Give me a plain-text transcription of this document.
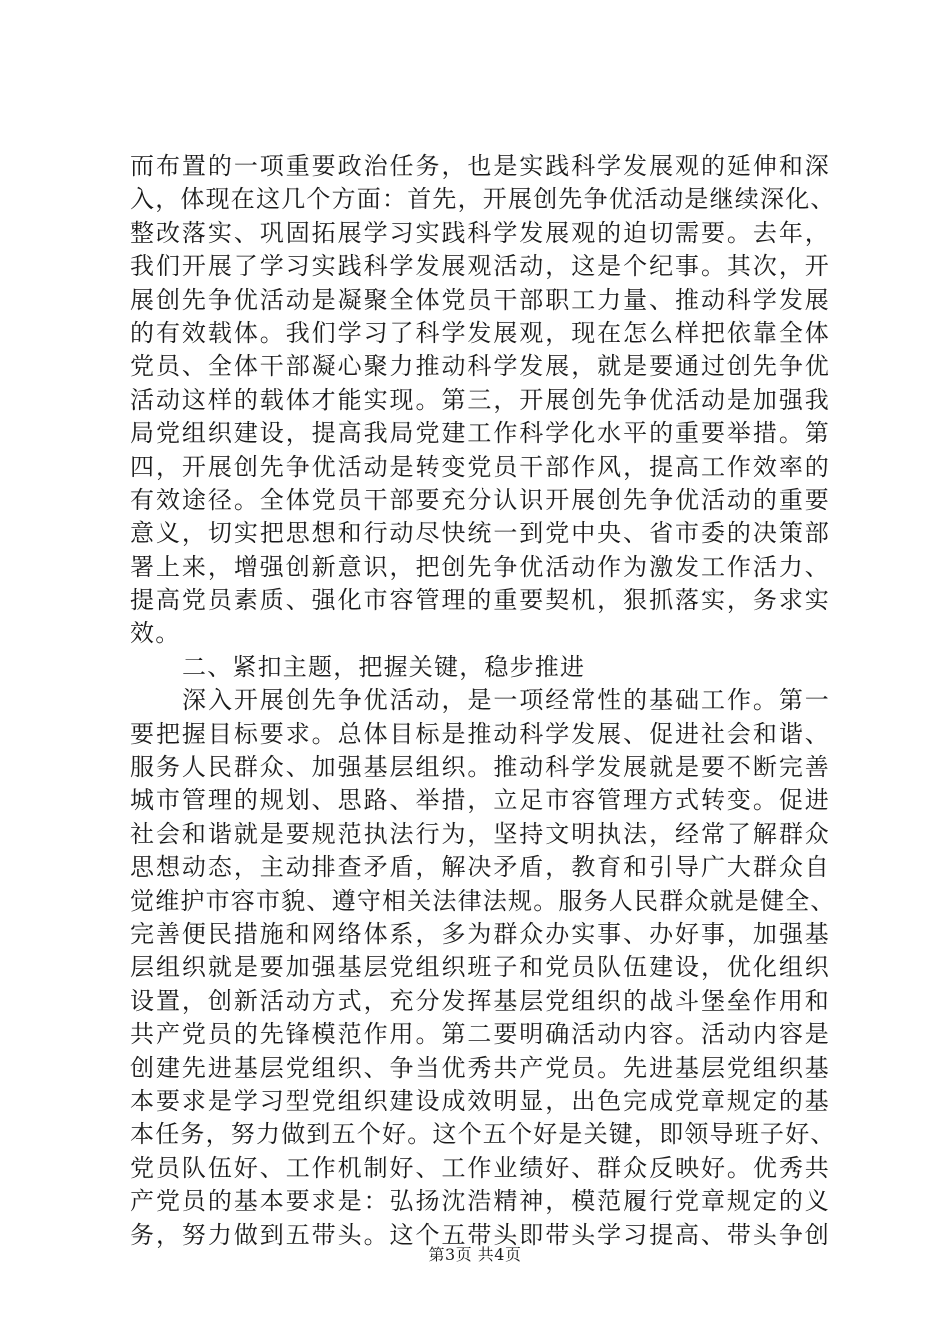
而布置的一项重要政治任务，也是实践科学发展观的延伸和深
入，体现在这几个方面：首先，开展创先争优活动是继续深化、
整改落实、巩固拓展学习实践科学发展观的迫切需要。去年，
我们开展了学习实践科学发展观活动，这是个纪事。其次，开
展创先争优活动是凝聚全体党员干部职工力量、推动科学发展
的有效载体。我们学习了科学发展观，现在怎么样把依靠全体
党员、全体干部凝心聚力推动科学发展，就是要通过创先争优
活动这样的载体才能实现。第三，开展创先争优活动是加强我
局党组织建设，提高我局党建工作科学化水平的重要举措。第
四，开展创先争优活动是转变党员干部作风，提高工作效率的
有效途径。全体党员干部要充分认识开展创先争优活动的重要
意义，切实把思想和行动尽快统一到党中央、省市委的决策部
署上来，增强创新意识，把创先争优活动作为激发工作活力、
提高党员素质、强化市容管理的重要契机，狠抓落实，务求实
效。
二、紧扣主题，把握关键，稳步推进
深入开展创先争优活动，是一项经常性的基础工作。第一
要把握目标要求。总体目标是推动科学发展、促进社会和谐、
服务人民群众、加强基层组织。推动科学发展就是要不断完善
城市管理的规划、思路、举措，立足市容管理方式转变。促进
社会和谐就是要规范执法行为，坚持文明执法，经常了解群众
思想动态，主动排查矛盾，解决矛盾，教育和引导广大群众自
觉维护市容市貌、遵守相关法律法规。服务人民群众就是健全、
完善便民措施和网络体系，多为群众办实事、办好事，加强基
层组织就是要加强基层党组织班子和党员队伍建设，优化组织
设置，创新活动方式，充分发挥基层党组织的战斗堡垒作用和
共产党员的先锋模范作用。第二要明确活动内容。活动内容是
创建先进基层党组织、争当优秀共产党员。先进基层党组织基
本要求是学习型党组织建设成效明显，出色完成党章规定的基
本任务，努力做到五个好。这个五个好是关键，即领导班子好、
党员队伍好、工作机制好、工作业绩好、群众反映好。优秀共
产党员的基本要求是：弘扬沈浩精神，模范履行党章规定的义
务，努力做到五带头。这个五带头即带头学习提高、带头争创
第3页 共4页
